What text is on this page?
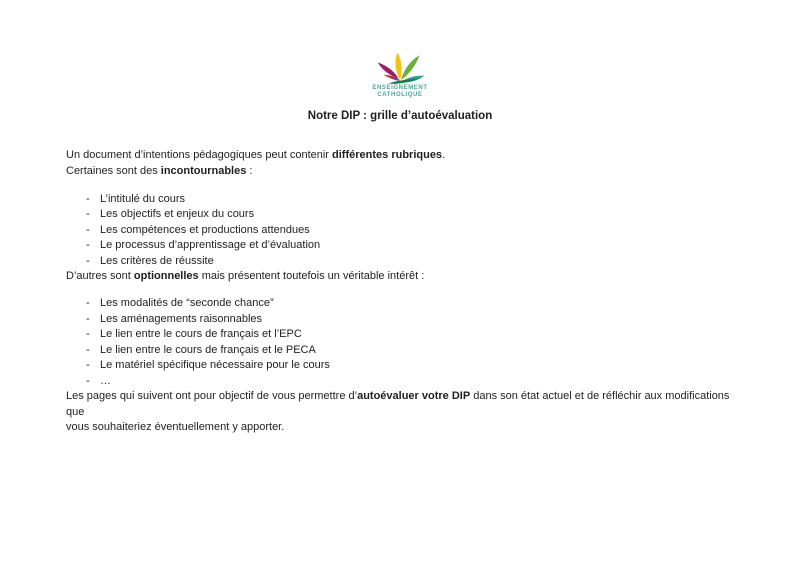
ENSEIGNEMENT
CATHOLIQUE
Notre DIP : grille d’autoévaluation

Un document d’intentions pédagogiques peut contenir différentes rubriques.

Certaines sont des incontournables :

- L’intitulé du cours
- Les objectifs et enjeux du cours
- Les compétences et productions attendues
- Le processus d’apprentissage et d’évaluation
- Les critères de réussite

D’autres sont optionnelles mais présentent toutefois un véritable intérêt :

- Les modalités de “seconde chance”
- Les aménagements raisonnables
- Le lien entre le cours de français et l’EPC
- Le lien entre le cours de français et le PECA
- Le matériel spécifique nécessaire pour le cours
- …

Les pages qui suivent ont pour objectif de vous permettre d’autoévaluer votre DIP dans son état actuel et de réfléchir aux modifications que
vous souhaiteriez éventuellement y apporter.
